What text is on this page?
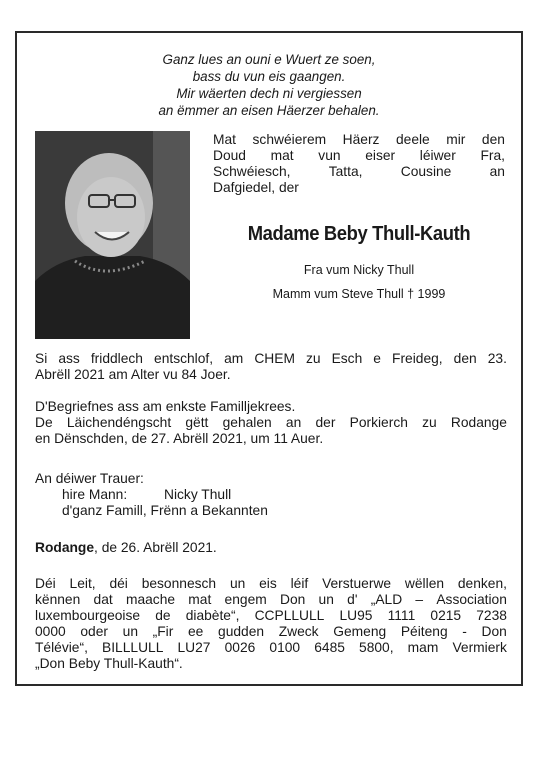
Ganz lues an ouni e Wuert ze soen,
bass du vun eis gaangen.
Mir wäerten dech ni vergiessen
an ëmmer an eisen Häerzer behalen.
Mat schwéierem Häerz deele mir den
Doud mat vun eiser léiwer Fra,
Schwéiesch,	Tatta,	Cousine	an
Dafgiedel, der
Madame Beby Thull-Kauth
Fra vum Nicky Thull
Mamm vum Steve Thull † 1999
Si ass friddlech entschlof, am CHEM zu Esch e Freideg, den 23.
Abrëll 2021 am Alter vu 84 Joer.
D'Begriefnes ass am enkste Familljekrees.
De Läichendéngscht gëtt gehalen an der Porkierch zu Rodange
en Dënschden, de 27. Abrëll 2021, um 11 Auer.
An déiwer Trauer:
hire Mann:	Nicky Thull
d'ganz Famill, Frënn a Bekannten
Rodange, de 26. Abrëll 2021.
Déi Leit, déi besonnesch un eis léif Verstuerwe wëllen denken,
kënnen dat maache mat engem Don un d' „ALD – Association
luxembourgeoise de diabète“, CCPLLULL LU95 1111 0215 7238
0000 oder un „Fir ee gudden Zweck Gemeng Péiteng - Don
Télévie“, BILLLULL LU27 0026 0100 6485 5800, mam Vermierk
„Don Beby Thull-Kauth“.
